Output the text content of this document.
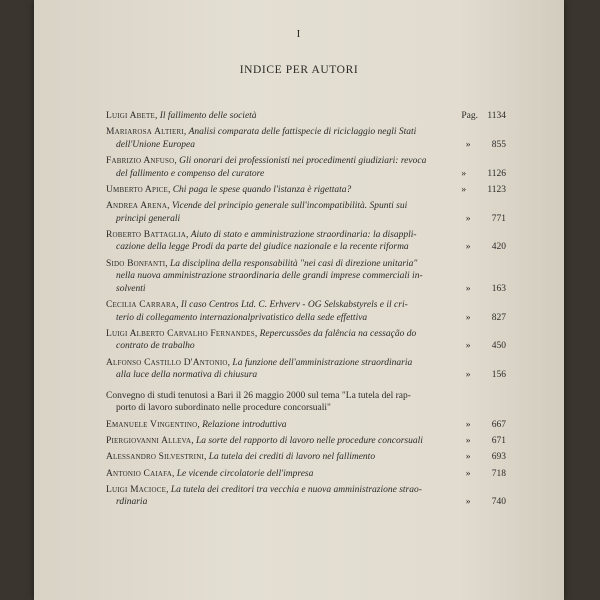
I
INDICE PER AUTORI
Luigi Abete, Il fallimento delle società	Pag. 1134
Mariarosa Altieri, Analisi comparata delle fattispecie di riciclaggio negli Stati
dell'Unione Europea	» 855
Fabrizio Anfuso, Gli onorari dei professionisti nei procedimenti giudiziari: revoca
del fallimento e compenso del curatore	» 1126
Umberto Apice, Chi paga le spese quando l'istanza è rigettata?	» 1123
Andrea Arena, Vicende del principio generale sull'incompatibilità. Spunti sui
principi generali	» 771
Roberto Battaglia, Aiuto di stato e amministrazione straordinaria: la disappli-
cazione della legge Prodi da parte del giudice nazionale e la recente riforma	» 420
Sido Bonfanti, La disciplina della responsabilità "nei casi di direzione unitaria"
nella nuova amministrazione straordinaria delle grandi imprese commerciali in-
solventi	» 163
Cecilia Carrara, Il caso Centros Ltd. C. Erhverv - OG Selskabstyrels e il cri-
terio di collegamento internazionalprivatistico della sede effettiva	» 827
Luigi Alberto Carvalho Fernandes, Repercussões da falência na cessação do
contrato de trabalho	» 450
Alfonso Castillo D'Antonio, La funzione dell'amministrazione straordinaria
alla luce della normativa di chiusura	» 156
Convegno di studi tenutosi a Bari il 26 maggio 2000 sul tema "La tutela del rap-
porto di lavoro subordinato nelle procedure concorsuali"
Emanuele Vingentino, Relazione introduttiva	» 667
Piergiovanni Alleva, La sorte del rapporto di lavoro nelle procedure concorsuali	» 671
Alessandro Silvestrini, La tutela dei crediti di lavoro nel fallimento	» 693
Antonio Caiafa, Le vicende circolatorie dell'impresa	» 718
Luigi Macioce, La tutela dei creditori tra vecchia e nuova amministrazione strao-
rdinaria	» 740
